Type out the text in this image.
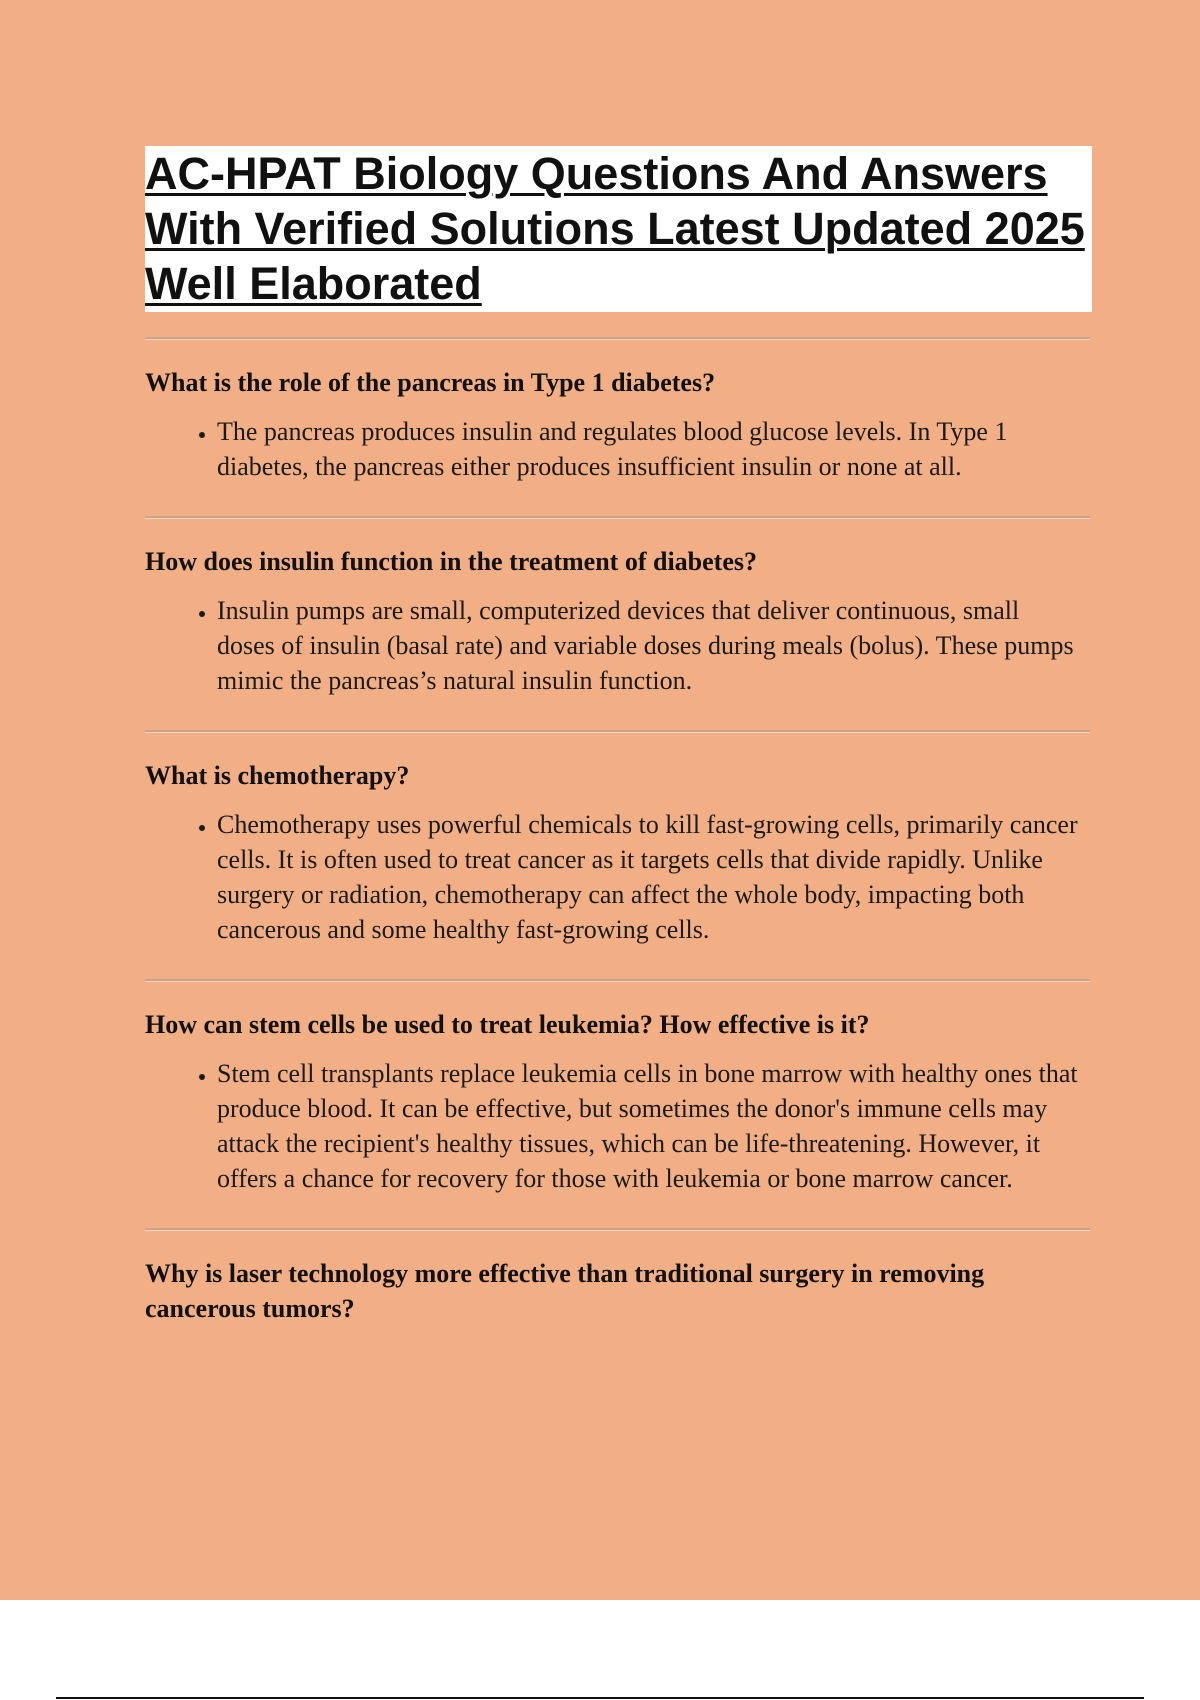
AC-HPAT Biology Questions And Answers With Verified Solutions Latest Updated 2025 Well Elaborated

What is the role of the pancreas in Type 1 diabetes?

• The pancreas produces insulin and regulates blood glucose levels. In Type 1 diabetes, the pancreas either produces insufficient insulin or none at all.

How does insulin function in the treatment of diabetes?

• Insulin pumps are small, computerized devices that deliver continuous, small doses of insulin (basal rate) and variable doses during meals (bolus). These pumps mimic the pancreas’s natural insulin function.

What is chemotherapy?

• Chemotherapy uses powerful chemicals to kill fast-growing cells, primarily cancer cells. It is often used to treat cancer as it targets cells that divide rapidly. Unlike surgery or radiation, chemotherapy can affect the whole body, impacting both cancerous and some healthy fast-growing cells.

How can stem cells be used to treat leukemia? How effective is it?

• Stem cell transplants replace leukemia cells in bone marrow with healthy ones that produce blood. It can be effective, but sometimes the donor's immune cells may attack the recipient's healthy tissues, which can be life-threatening. However, it offers a chance for recovery for those with leukemia or bone marrow cancer.

Why is laser technology more effective than traditional surgery in removing cancerous tumors?
